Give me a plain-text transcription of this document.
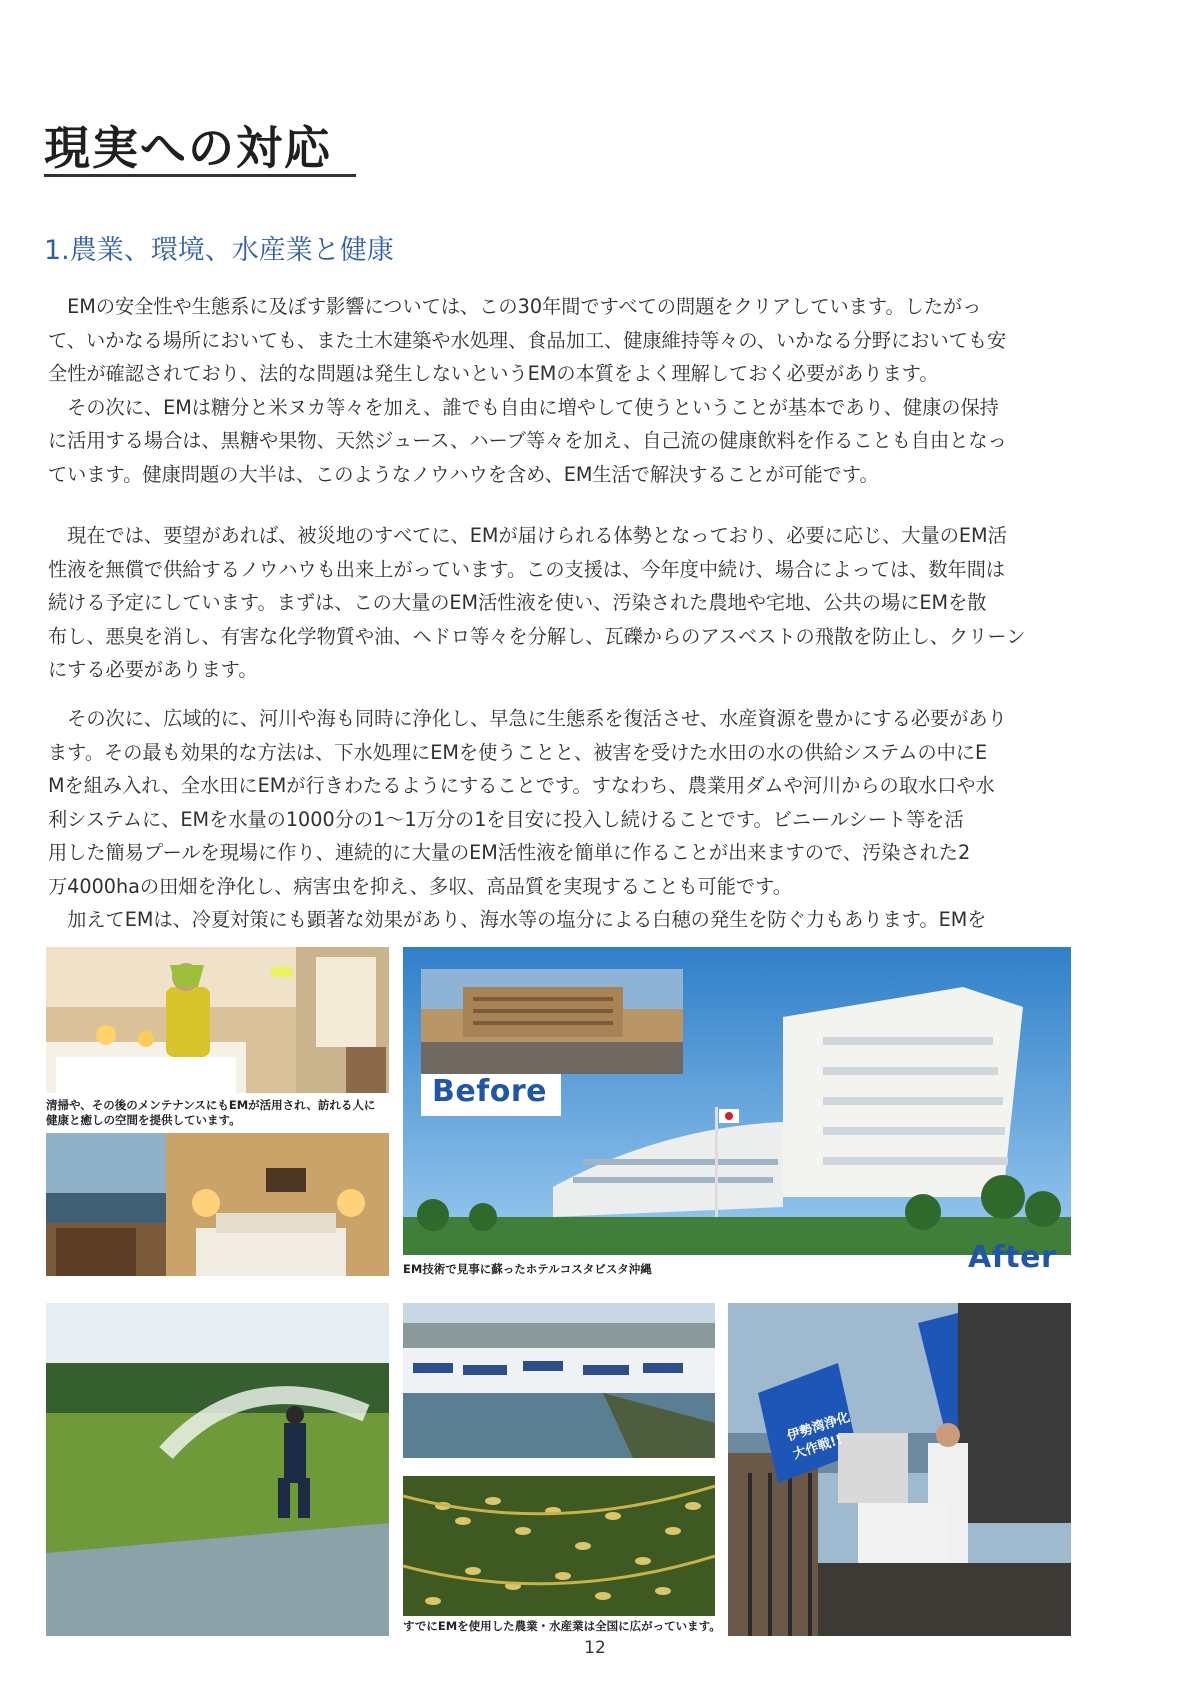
現実への対応
1.農業、環境、水産業と健康
　EMの安全性や生態系に及ぼす影響については、この30年間ですべての問題をクリアしています。したがっ
て、いかなる場所においても、また土木建築や水処理、食品加工、健康維持等々の、いかなる分野においても安
全性が確認されており、法的な問題は発生しないというEMの本質をよく理解しておく必要があります。
　その次に、EMは糖分と米ヌカ等々を加え、誰でも自由に増やして使うということが基本であり、健康の保持
に活用する場合は、黒糖や果物、天然ジュース、ハーブ等々を加え、自己流の健康飲料を作ることも自由となっ
ています。健康問題の大半は、このようなノウハウを含め、EM生活で解決することが可能です。
　現在では、要望があれば、被災地のすべてに、EMが届けられる体勢となっており、必要に応じ、大量のEM活
性液を無償で供給するノウハウも出来上がっています。この支援は、今年度中続け、場合によっては、数年間は
続ける予定にしています。まずは、この大量のEM活性液を使い、汚染された農地や宅地、公共の場にEMを散
布し、悪臭を消し、有害な化学物質や油、ヘドロ等々を分解し、瓦礫からのアスベストの飛散を防止し、クリーン
にする必要があります。
　その次に、広域的に、河川や海も同時に浄化し、早急に生態系を復活させ、水産資源を豊かにする必要があり
ます。その最も効果的な方法は、下水処理にEMを使うことと、被害を受けた水田の水の供給システムの中にE
Mを組み入れ、全水田にEMが行きわたるようにすることです。すなわち、農業用ダムや河川からの取水口や水
利システムに、EMを水量の1000分の1～1万分の1を目安に投入し続けることです。ビニールシート等を活
用した簡易プールを現場に作り、連続的に大量のEM活性液を簡単に作ることが出来ますので、汚染された2
万4000haの田畑を浄化し、病害虫を抑え、多収、高品質を実現することも可能です。
　加えてEMは、冷夏対策にも顕著な効果があり、海水等の塩分による白穂の発生を防ぐ力もあります。EMを
清掃や、その後のメンテナンスにもEMが活用され、訪れる人に
健康と癒しの空間を提供しています。
Before
After
EM技術で見事に蘇ったホテルコスタビスタ沖縄
すでにEMを使用した農業・水産業は全国に広がっています。
伊勢湾浄化 大作戦!!
12
